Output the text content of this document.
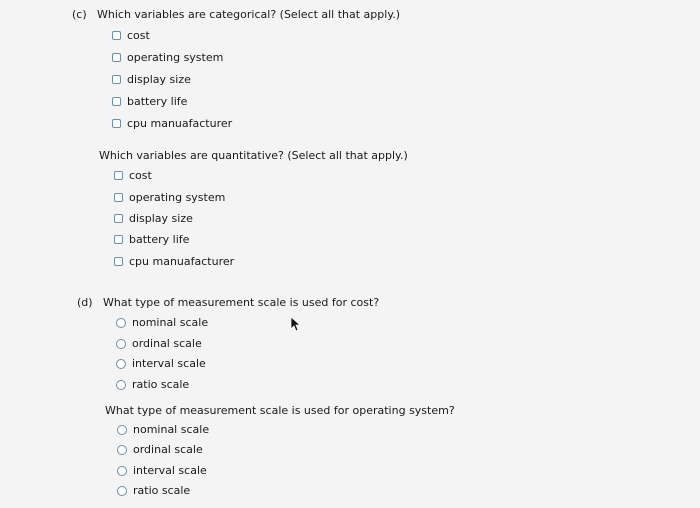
(c) Which variables are categorical? (Select all that apply.)
cost
operating system
display size
battery life
cpu manuafacturer
Which variables are quantitative? (Select all that apply.)
cost
operating system
display size
battery life
cpu manuafacturer
(d) What type of measurement scale is used for cost?
nominal scale
ordinal scale
interval scale
ratio scale
What type of measurement scale is used for operating system?
nominal scale
ordinal scale
interval scale
ratio scale
